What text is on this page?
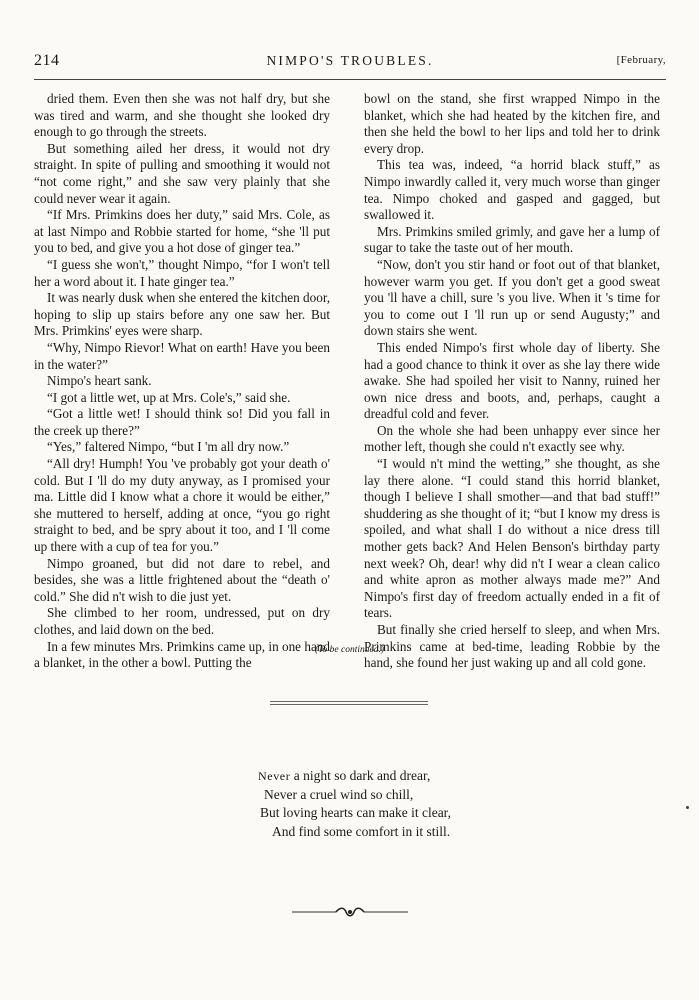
214	NIMPO'S TROUBLES.	[February,

dried them. Even then she was not half dry, but she was tired and warm, and she thought she looked dry enough to go through the streets.

But something ailed her dress, it would not dry straight. In spite of pulling and smoothing it would not “not come right,” and she saw very plainly that she could never wear it again.

“If Mrs. Primkins does her duty,” said Mrs. Cole, as at last Nimpo and Robbie started for home, “she 'll put you to bed, and give you a hot dose of ginger tea.”

“I guess she won't,” thought Nimpo, “for I won't tell her a word about it. I hate ginger tea.”

It was nearly dusk when she entered the kitchen door, hoping to slip up stairs before any one saw her. But Mrs. Primkins' eyes were sharp.

“Why, Nimpo Rievor! What on earth! Have you been in the water?”

Nimpo's heart sank.

“I got a little wet, up at Mrs. Cole's,” said she.

“Got a little wet! I should think so! Did you fall in the creek up there?”

“Yes,” faltered Nimpo, “but I 'm all dry now.”

“All dry! Humph! You 've probably got your death o' cold. But I 'll do my duty anyway, as I promised your ma. Little did I know what a chore it would be either,” she muttered to herself, adding at once, “you go right straight to bed, and be spry about it too, and I 'll come up there with a cup of tea for you.”

Nimpo groaned, but did not dare to rebel, and besides, she was a little frightened about the “death o' cold.” She did n't wish to die just yet.

She climbed to her room, undressed, put on dry clothes, and laid down on the bed.

In a few minutes Mrs. Primkins came up, in one hand a blanket, in the other a bowl. Putting the

bowl on the stand, she first wrapped Nimpo in the blanket, which she had heated by the kitchen fire, and then she held the bowl to her lips and told her to drink every drop.

This tea was, indeed, “a horrid black stuff,” as Nimpo inwardly called it, very much worse than ginger tea. Nimpo choked and gasped and gagged, but swallowed it.

Mrs. Primkins smiled grimly, and gave her a lump of sugar to take the taste out of her mouth.

“Now, don't you stir hand or foot out of that blanket, however warm you get. If you don't get a good sweat you 'll have a chill, sure 's you live. When it 's time for you to come out I 'll run up or send Augusty;” and down stairs she went.

This ended Nimpo's first whole day of liberty. She had a good chance to think it over as she lay there wide awake. She had spoiled her visit to Nanny, ruined her own nice dress and boots, and, perhaps, caught a dreadful cold and fever.

On the whole she had been unhappy ever since her mother left, though she could n't exactly see why.

“I would n't mind the wetting,” she thought, as she lay there alone. “I could stand this horrid blanket, though I believe I shall smother—and that bad stuff!” shuddering as she thought of it; “but I know my dress is spoiled, and what shall I do without a nice dress till mother gets back? And Helen Benson's birthday party next week? Oh, dear! why did n't I wear a clean calico and white apron as mother always made me?” And Nimpo's first day of freedom actually ended in a fit of tears.

But finally she cried herself to sleep, and when Mrs. Primkins came at bed-time, leading Robbie by the hand, she found her just waking up and all cold gone.

(To be continued.)
Never a night so dark and drear,
Never a cruel wind so chill,
But loving hearts can make it clear,
And find some comfort in it still.
